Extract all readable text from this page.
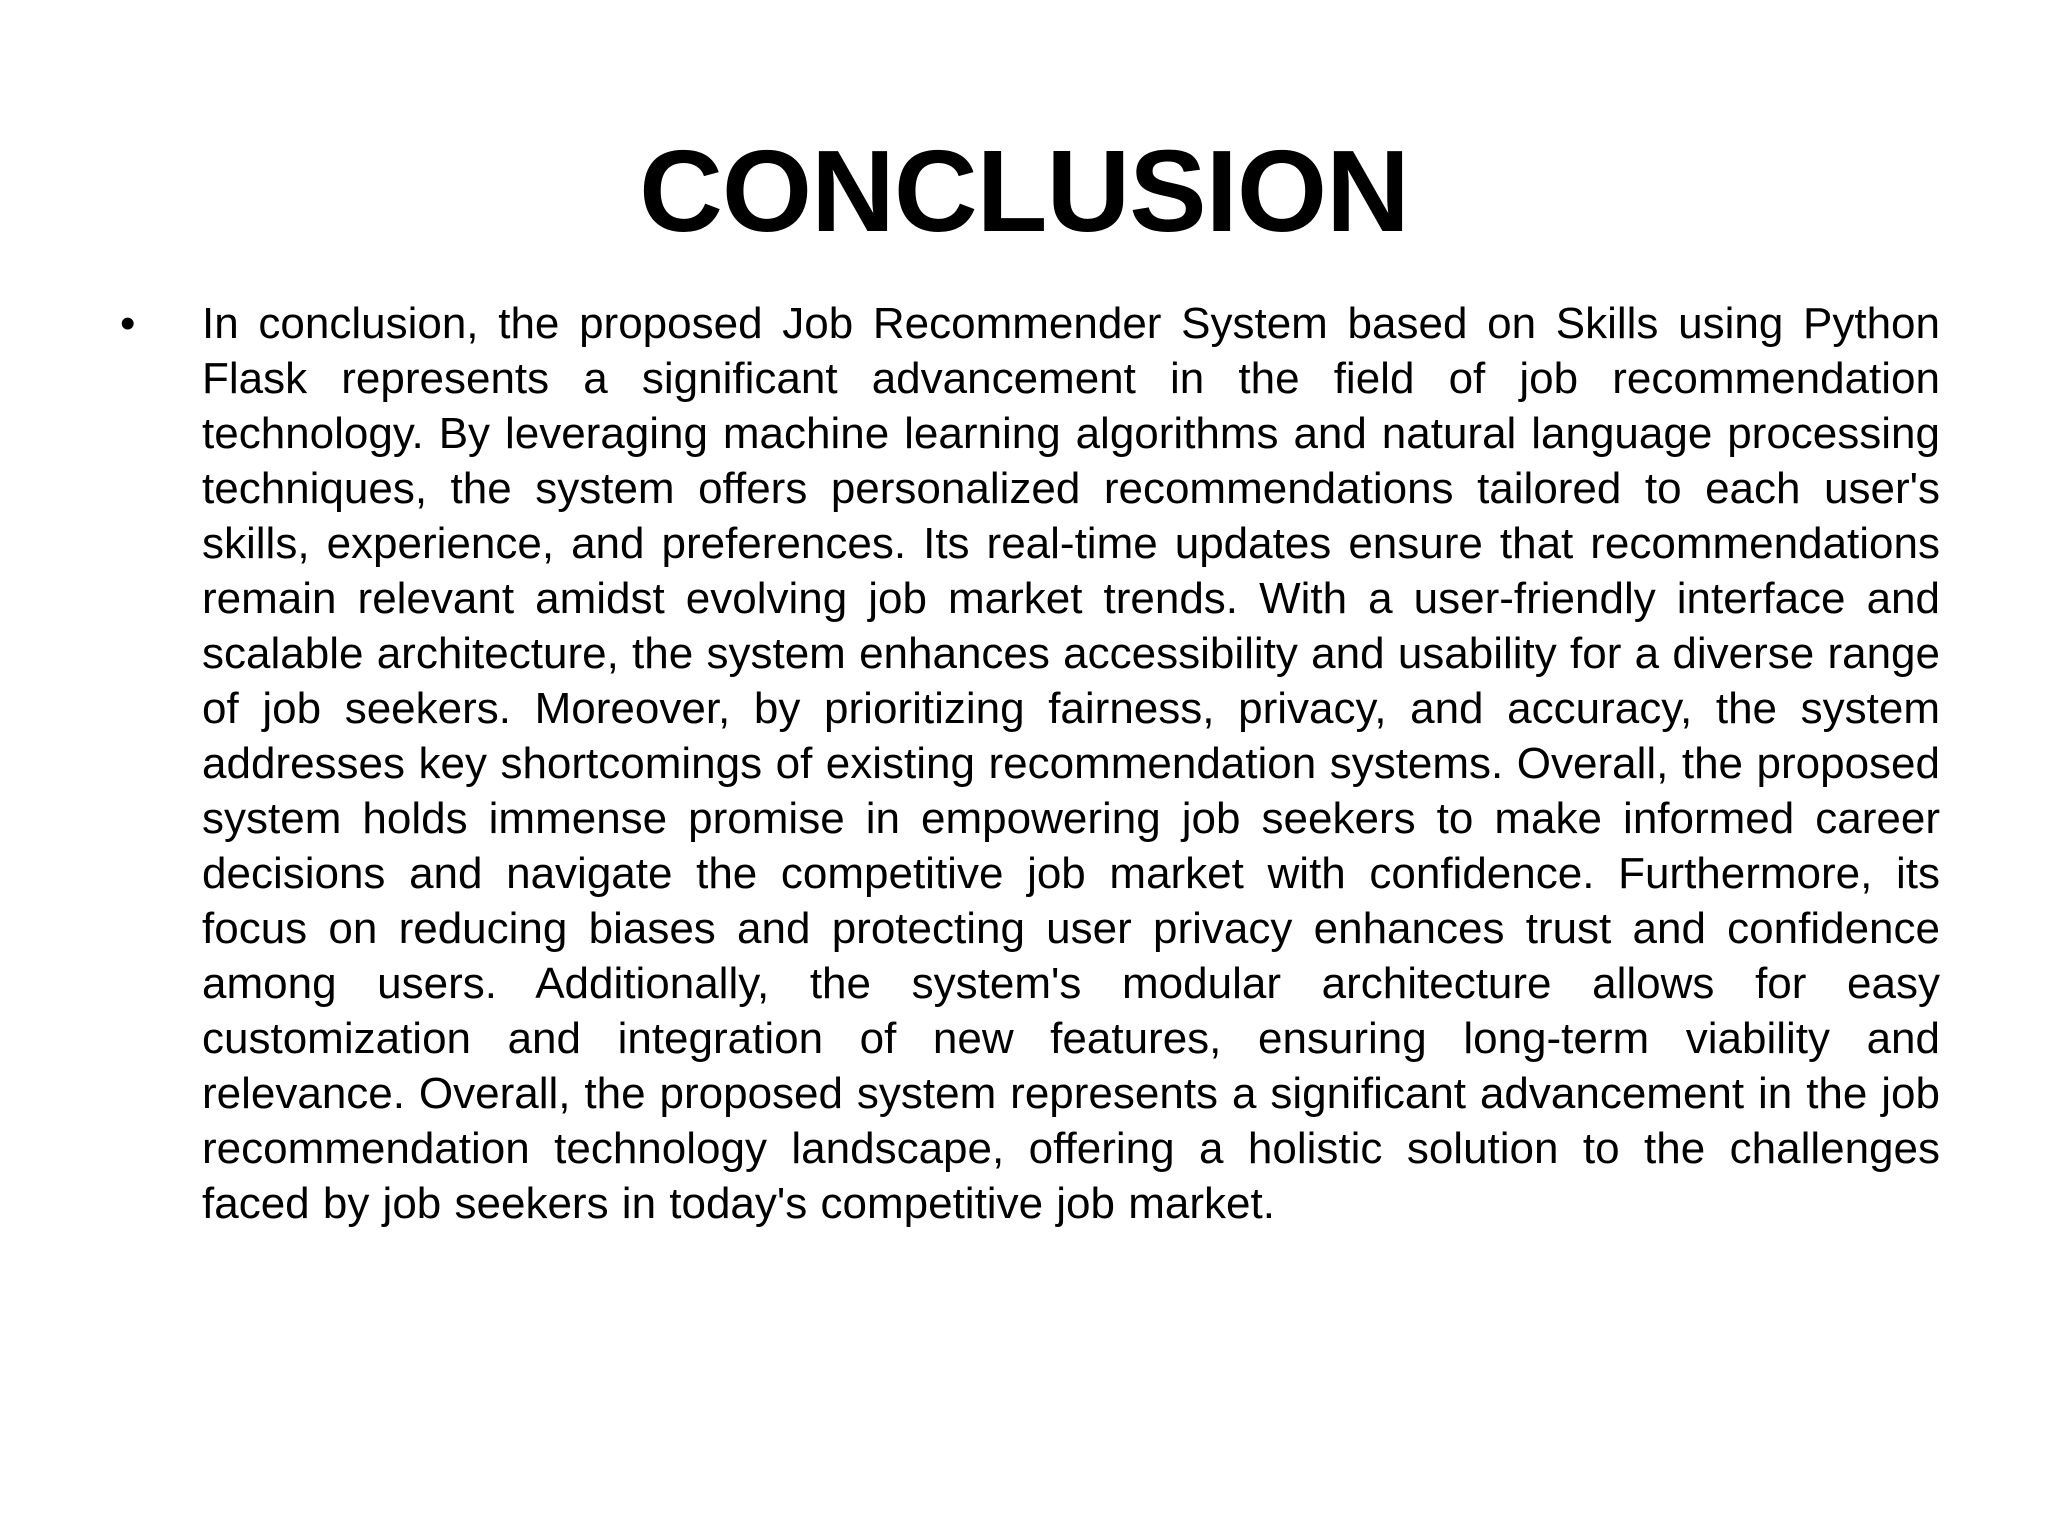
CONCLUSION
•	In conclusion, the proposed Job Recommender System based on Skills using Python Flask represents a significant advancement in the field of job recommendation technology. By leveraging machine learning algorithms and natural language processing techniques, the system offers personalized recommendations tailored to each user's skills, experience, and preferences. Its real-time updates ensure that recommendations remain relevant amidst evolving job market trends. With a user-friendly interface and scalable architecture, the system enhances accessibility and usability for a diverse range of job seekers. Moreover, by prioritizing fairness, privacy, and accuracy, the system addresses key shortcomings of existing recommendation systems. Overall, the proposed system holds immense promise in empowering job seekers to make informed career decisions and navigate the competitive job market with confidence. Furthermore, its focus on reducing biases and protecting user privacy enhances trust and confidence among users. Additionally, the system's modular architecture allows for easy customization and integration of new features, ensuring long-term viability and relevance. Overall, the proposed system represents a significant advancement in the job recommendation technology landscape, offering a holistic solution to the challenges faced by job seekers in today's competitive job market.
